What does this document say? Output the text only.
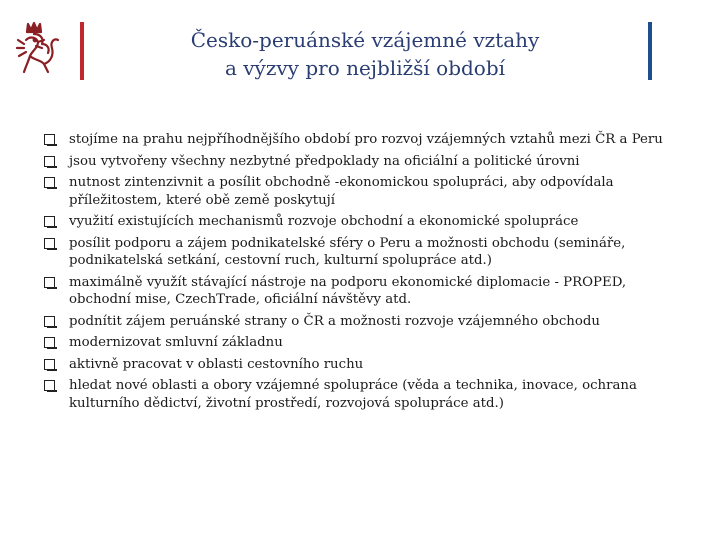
Česko-peruánské vzájemné vztahy
a výzvy pro nejbližší období
stojíme na prahu nejpříhodnějšího období pro rozvoj vzájemných vztahů mezi ČR a Peru
jsou vytvořeny všechny nezbytné předpoklady na oficiální a politické úrovni
nutnost zintenzivnit a posílit obchodně -ekonomickou spolupráci, aby odpovídala příležitostem, které obě země poskytují
využití existujících mechanismů rozvoje obchodní a ekonomické spolupráce
posílit podporu a zájem podnikatelské sféry o Peru a možnosti obchodu (semináře, podnikatelská setkání, cestovní ruch, kulturní spolupráce atd.)
maximálně využít stávající nástroje na podporu ekonomické diplomacie - PROPED, obchodní mise, CzechTrade, oficiální návštěvy atd.
podnítit zájem peruánské strany o ČR a možnosti rozvoje vzájemného obchodu
modernizovat smluvní základnu
aktivně pracovat v oblasti cestovního ruchu
hledat nové oblasti a obory vzájemné spolupráce (věda a technika, inovace, ochrana kulturního dědictví, životní prostředí, rozvojová spolupráce atd.)
